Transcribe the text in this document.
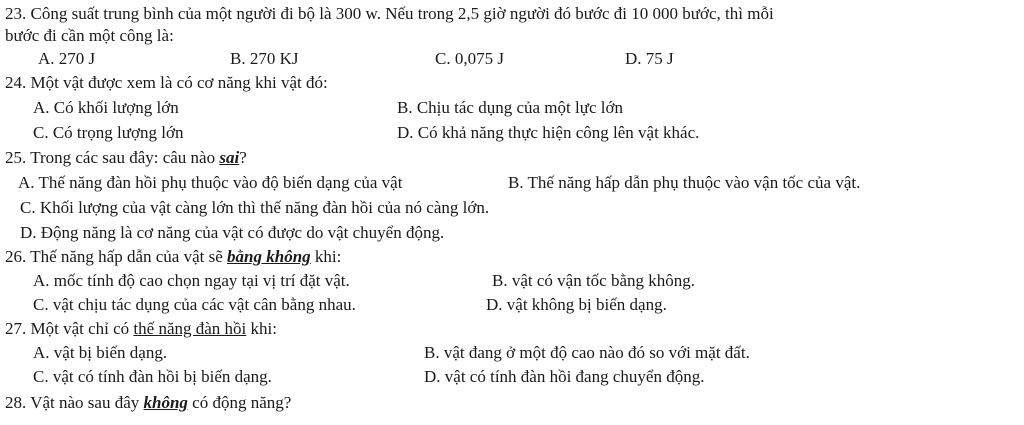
23. Công suất trung bình của một người đi bộ là 300 w. Nếu trong 2,5 giờ người đó bước đi 10 000 bước, thì mỗi
bước đi cần một công là:
A. 270 J	B. 270 KJ	C. 0,075 J	D. 75 J
24. Một vật được xem là có cơ năng khi vật đó:
A. Có khối lượng lớn	B. Chịu tác dụng của một lực lớn
C. Có trọng lượng lớn	D. Có khả năng thực hiện công lên vật khác.
25. Trong các sau đây: câu nào sai?
A. Thế năng đàn hồi phụ thuộc vào độ biến dạng của vật	B. Thế năng hấp dẫn phụ thuộc vào vận tốc của vật.
C. Khối lượng của vật càng lớn thì thế năng đàn hồi của nó càng lớn.
D. Động năng là cơ năng của vật có được do vật chuyển động.
26. Thế năng hấp dẫn của vật sẽ bằng không khi:
A. mốc tính độ cao chọn ngay tại vị trí đặt vật.	B. vật có vận tốc bằng không.
C. vật chịu tác dụng của các vật cân bằng nhau.	D. vật không bị biến dạng.
27. Một vật chỉ có thế năng đàn hồi khi:
A. vật bị biến dạng.	B. vật đang ở một độ cao nào đó so với mặt đất.
C. vật có tính đàn hồi bị biến dạng.	D. vật có tính đàn hồi đang chuyển động.
28. Vật nào sau đây không có động năng?
